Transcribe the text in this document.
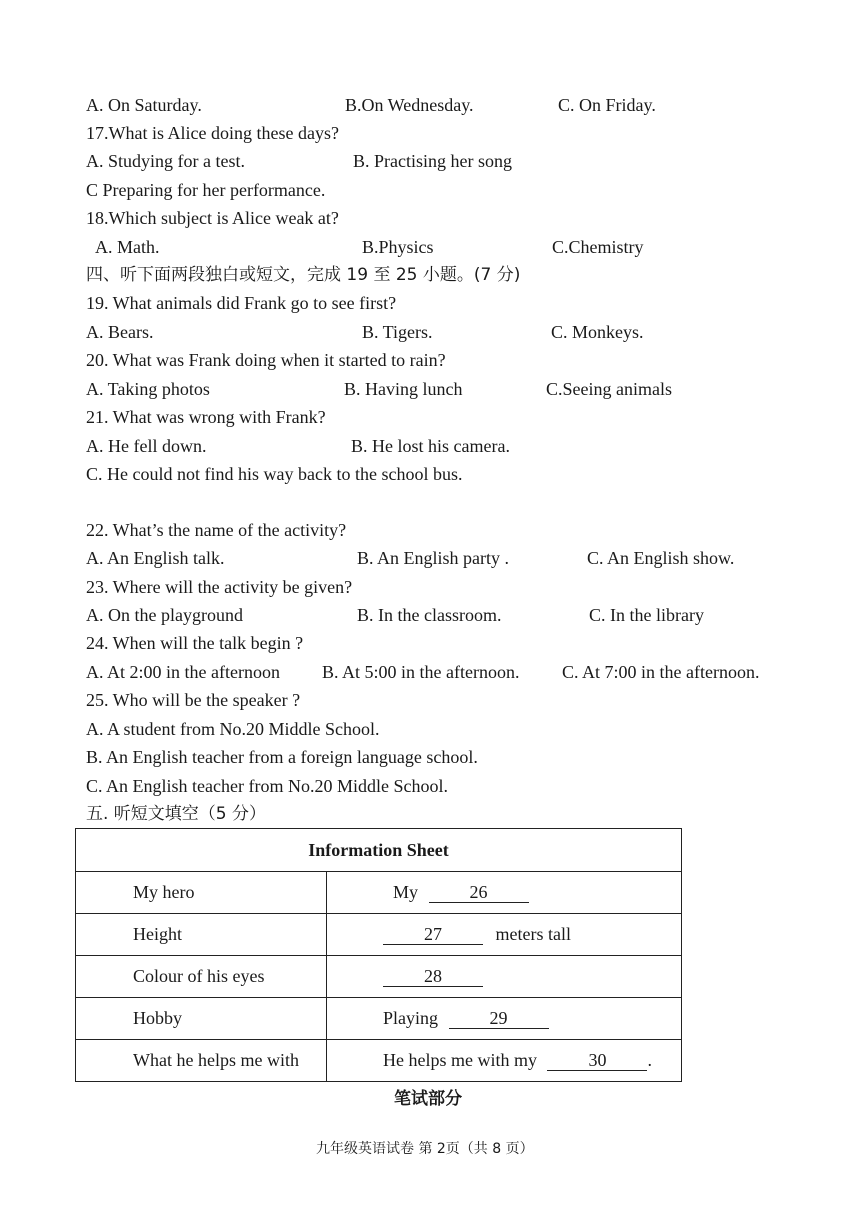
A. On Saturday.	B.On Wednesday.	C. On Friday.
17.What is Alice doing these days?
A. Studying for a test.	B. Practising her song
C Preparing for her performance.
18.Which subject is Alice weak at?
A. Math.	B.Physics	C.Chemistry
四、听下面两段独白或短文，完成 19 至 25 小题。(7 分)
19. What animals did Frank go to see first?
A. Bears.	B. Tigers.	C. Monkeys.
20. What was Frank doing when it started to rain?
A. Taking photos	B. Having lunch	C.Seeing animals
21. What was wrong with Frank?
A. He fell down.	B. He lost his camera.
C. He could not find his way back to the school bus.
22. What’s the name of the activity?
A. An English talk.	B. An English party .	C. An English show.
23. Where will the activity be given?
A. On the playground	B. In the classroom.	C. In the library
24. When will the talk begin ?
A. At 2:00 in the afternoon B. At 5:00 in the afternoon. C. At 7:00 in the afternoon.
25. Who will be the speaker ?
A. A student from No.20 Middle School.
B. An English teacher from a foreign language school.
C. An English teacher from No.20 Middle School.
五. 听短文填空（5 分）
Information Sheet	
My hero	My 26
Height	27 meters tall
Colour of his eyes	28
Hobby	Playing 29
What he helps me with	He helps me with my 30 .
笔试部分
九年级英语试卷 第 2页（共 8 页）
